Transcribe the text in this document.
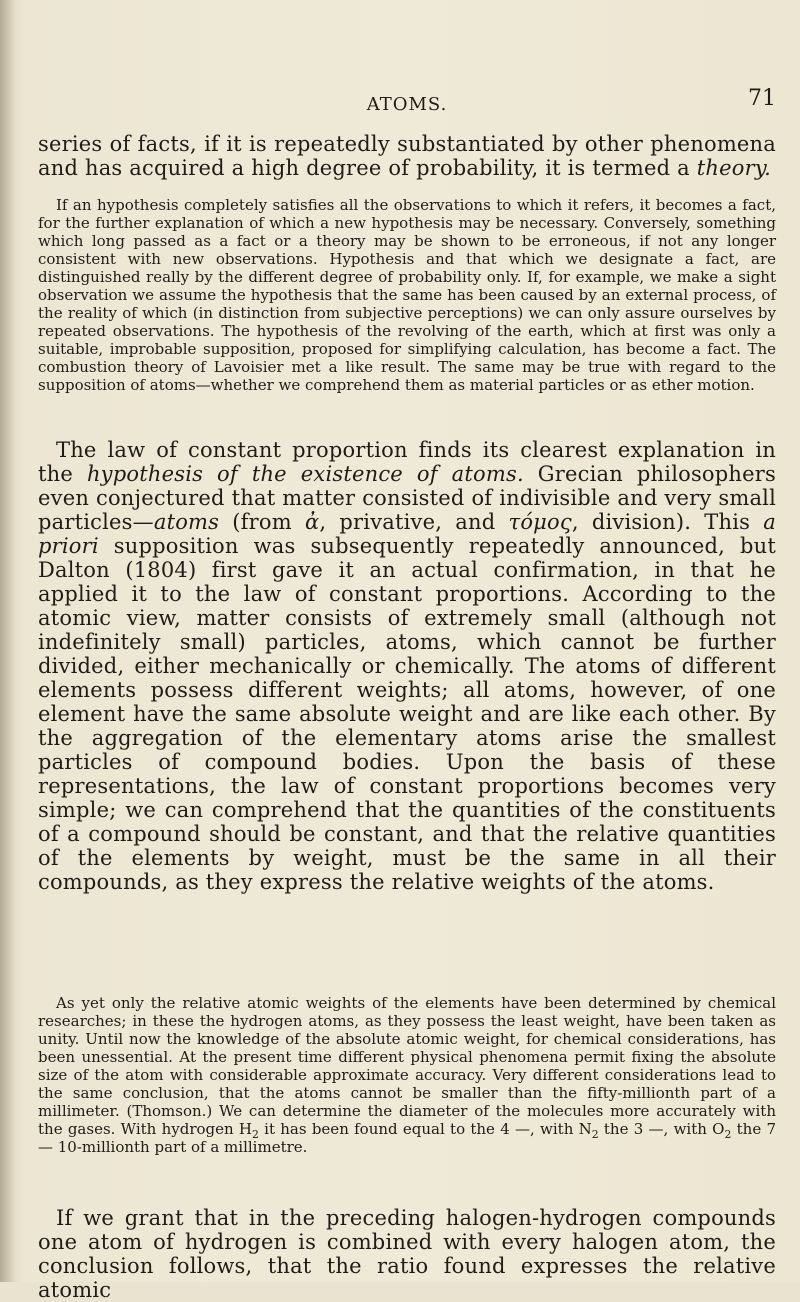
ATOMS.	71

series of facts, if it is repeatedly substantiated by other phenomena and has acquired a high degree of probability, it is termed a theory.

If an hypothesis completely satisfies all the observations to which it refers, it becomes a fact, for the further explanation of which a new hypothesis may be necessary. Conversely, something which long passed as a fact or a theory may be shown to be erroneous, if not any longer consistent with new observations. Hypothesis and that which we designate a fact, are distinguished really by the different degree of probability only. If, for example, we make a sight observation we assume the hypothesis that the same has been caused by an external process, of the reality of which (in distinction from subjective perceptions) we can only assure ourselves by repeated observations. The hypothesis of the revolving of the earth, which at first was only a suitable, improbable supposition, proposed for simplifying calculation, has become a fact. The combustion theory of Lavoisier met a like result. The same may be true with regard to the supposition of atoms—whether we comprehend them as material particles or as ether motion.

The law of constant proportion finds its clearest explanation in the hypothesis of the existence of atoms. Grecian philosophers even conjectured that matter consisted of indivisible and very small particles—atoms (from ἀ, privative, and τόμος, division). This a priori supposition was subsequently repeatedly announced, but Dalton (1804) first gave it an actual confirmation, in that he applied it to the law of constant proportions. According to the atomic view, matter consists of extremely small (although not indefinitely small) particles, atoms, which cannot be further divided, either mechanically or chemically. The atoms of different elements possess different weights; all atoms, however, of one element have the same absolute weight and are like each other. By the aggregation of the elementary atoms arise the smallest particles of compound bodies. Upon the basis of these representations, the law of constant proportions becomes very simple; we can comprehend that the quantities of the constituents of a compound should be constant, and that the relative quantities of the elements by weight, must be the same in all their compounds, as they express the relative weights of the atoms.

As yet only the relative atomic weights of the elements have been determined by chemical researches; in these the hydrogen atoms, as they possess the least weight, have been taken as unity. Until now the knowledge of the absolute atomic weight, for chemical considerations, has been unessential. At the present time different physical phenomena permit fixing the absolute size of the atom with considerable approximate accuracy. Very different considerations lead to the same conclusion, that the atoms cannot be smaller than the fifty-millionth part of a millimeter. (Thomson.) We can determine the diameter of the molecules more accurately with the gases. With hydrogen $H_2$ it has been found equal to the 4 —, with $N_2$ the 3 —, with $O_2$ the 7— 10-millionth part of a millimetre.

If we grant that in the preceding halogen-hydrogen compounds one atom of hydrogen is combined with every halogen atom, the conclusion follows, that the ratio found expresses the relative atomic
